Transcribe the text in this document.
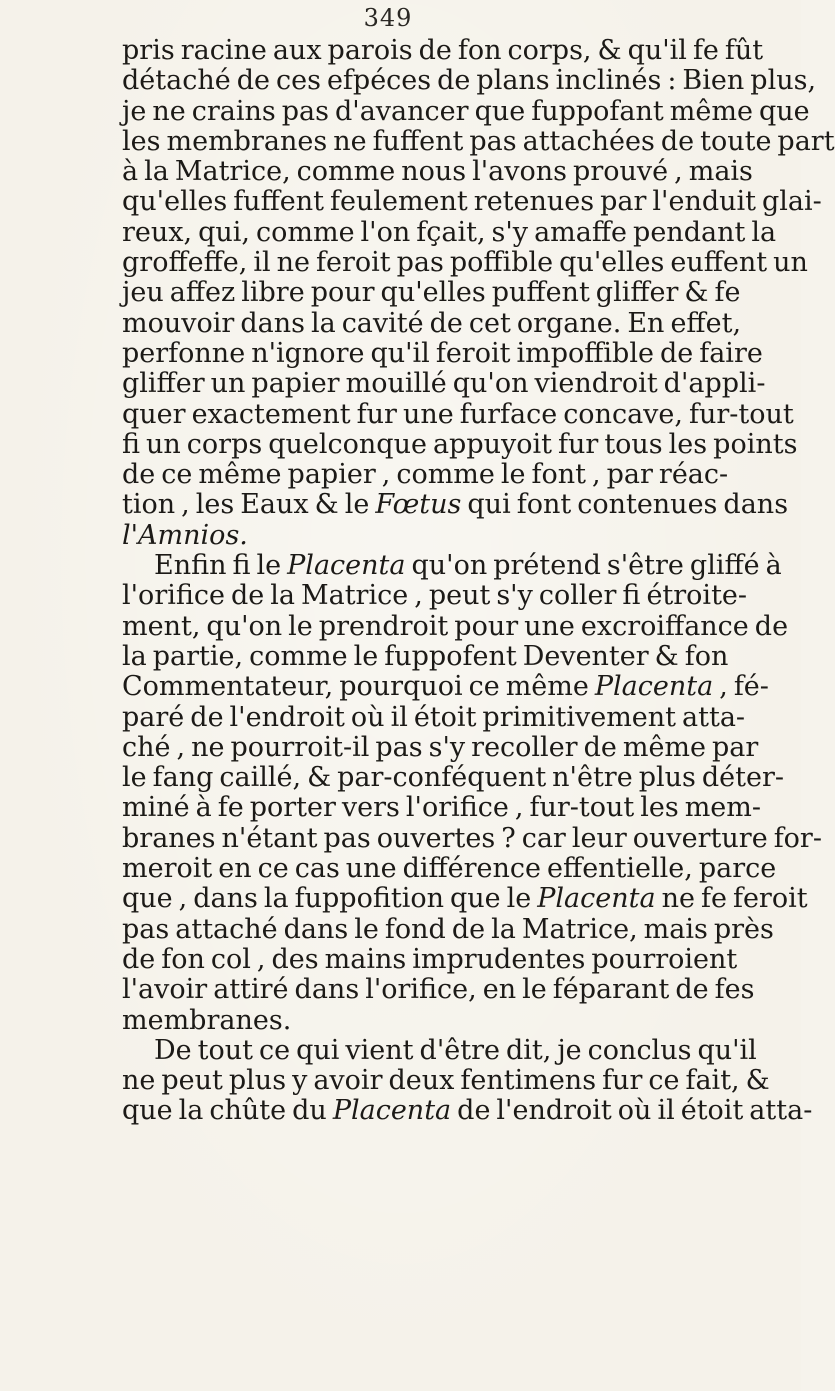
349
pris racine aux parois de fon corps, & qu'il fe fût
détaché de ces efpéces de plans inclinés : Bien plus,
je ne crains pas d'avancer que fuppofant même que
les membranes ne fuffent pas attachées de toute part
à la Matrice, comme nous l'avons prouvé , mais
qu'elles fuffent feulement retenues par l'enduit glai-
reux, qui, comme l'on fçait, s'y amaffe pendant la
groffeffe, il ne feroit pas poffible qu'elles euffent un
jeu affez libre pour qu'elles puffent gliffer & fe
mouvoir dans la cavité de cet organe. En effet,
perfonne n'ignore qu'il feroit impoffible de faire
gliffer un papier mouillé qu'on viendroit d'appli-
quer exactement fur une furface concave, fur-tout
fi un corps quelconque appuyoit fur tous les points
de ce même papier , comme le font , par réac-
tion , les Eaux & le Fœtus qui font contenues dans
l'Amnios.
Enfin fi le Placenta qu'on prétend s'être gliffé à
l'orifice de la Matrice , peut s'y coller fi étroite-
ment, qu'on le prendroit pour une excroiffance de
la partie, comme le fuppofent Deventer & fon
Commentateur, pourquoi ce même Placenta , fé-
paré de l'endroit où il étoit primitivement atta-
ché , ne pourroit-il pas s'y recoller de même par
le fang caillé, & par-conféquent n'être plus déter-
miné à fe porter vers l'orifice , fur-tout les mem-
branes n'étant pas ouvertes ? car leur ouverture for-
meroit en ce cas une différence effentielle, parce
que , dans la fuppofition que le Placenta ne fe feroit
pas attaché dans le fond de la Matrice, mais près
de fon col , des mains imprudentes pourroient
l'avoir attiré dans l'orifice, en le féparant de fes
membranes.
De tout ce qui vient d'être dit, je conclus qu'il
ne peut plus y avoir deux fentimens fur ce fait, &
que la chûte du Placenta de l'endroit où il étoit atta-
